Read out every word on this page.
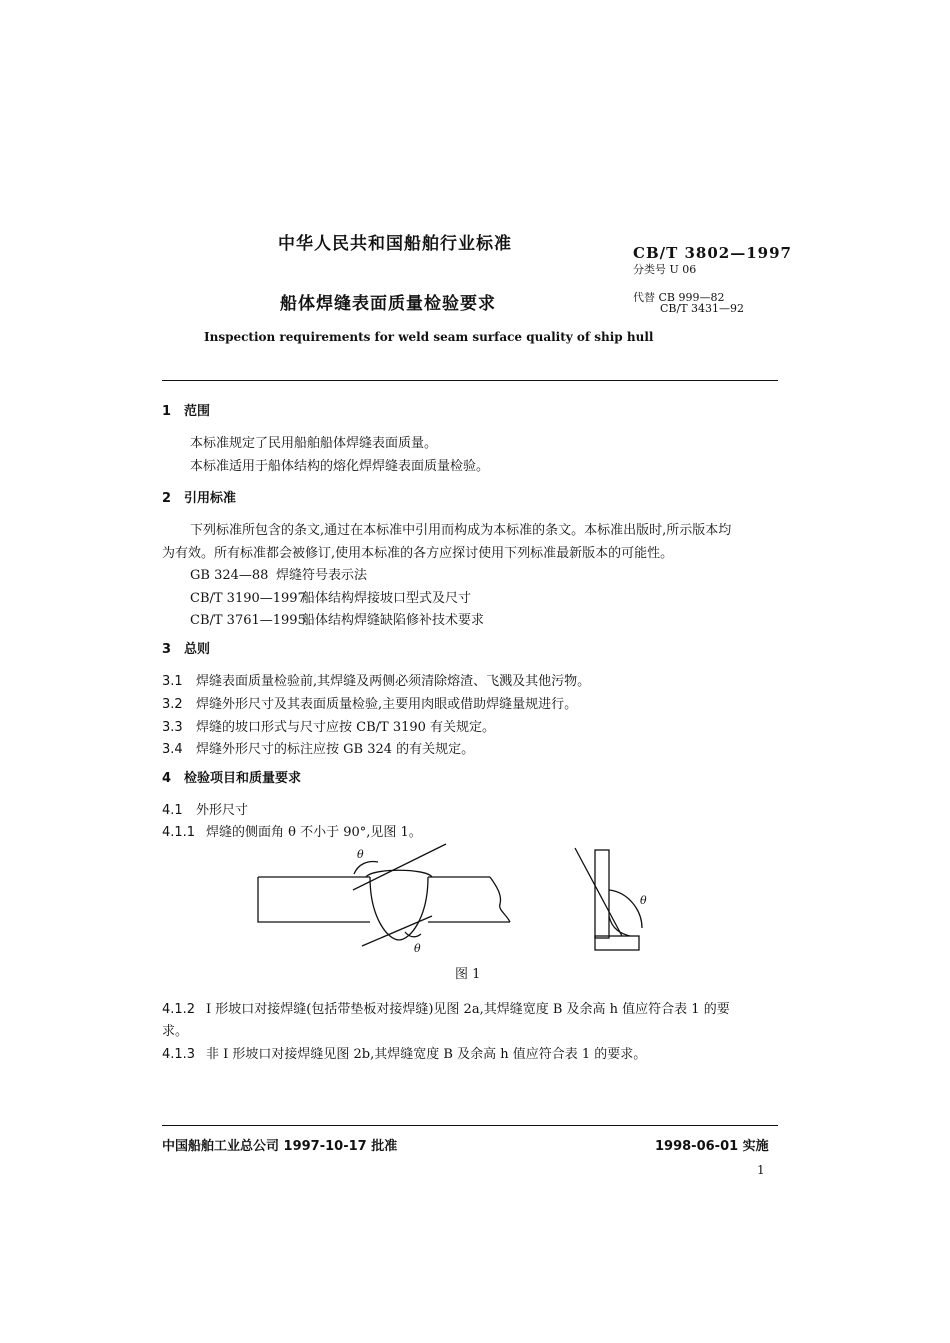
中华人民共和国船舶行业标准
船体焊缝表面质量检验要求
Inspection requirements for weld seam surface quality of ship hull
CB/T 3802—1997
分类号 U 06
代替 CB 999—82
CB/T 3431—92
1 范围
本标准规定了民用船舶船体焊缝表面质量。
本标准适用于船体结构的熔化焊焊缝表面质量检验。
2 引用标准
下列标准所包含的条文,通过在本标准中引用而构成为本标准的条文。本标准出版时,所示版本均
为有效。所有标准都会被修订,使用本标准的各方应探讨使用下列标准最新版本的可能性。
GB 324—88 焊缝符号表示法
CB/T 3190—1997船体结构焊接坡口型式及尺寸
CB/T 3761—1995船体结构焊缝缺陷修补技术要求
3 总则
3.1 焊缝表面质量检验前,其焊缝及两侧必须清除熔渣、飞溅及其他污物。
3.2 焊缝外形尺寸及其表面质量检验,主要用肉眼或借助焊缝量规进行。
3.3 焊缝的坡口形式与尺寸应按 CB/T 3190 有关规定。
3.4 焊缝外形尺寸的标注应按 GB 324 的有关规定。
4 检验项目和质量要求
4.1 外形尺寸
4.1.1 焊缝的侧面角 θ 不小于 90°,见图 1。
θ
θ
θ
图 1
4.1.2 I 形坡口对接焊缝(包括带垫板对接焊缝)见图 2a,其焊缝宽度 B 及余高 h 值应符合表 1 的要
求。
4.1.3 非 I 形坡口对接焊缝见图 2b,其焊缝宽度 B 及余高 h 值应符合表 1 的要求。
中国船舶工业总公司 1997-10-17 批准	1998-06-01 实施
1
